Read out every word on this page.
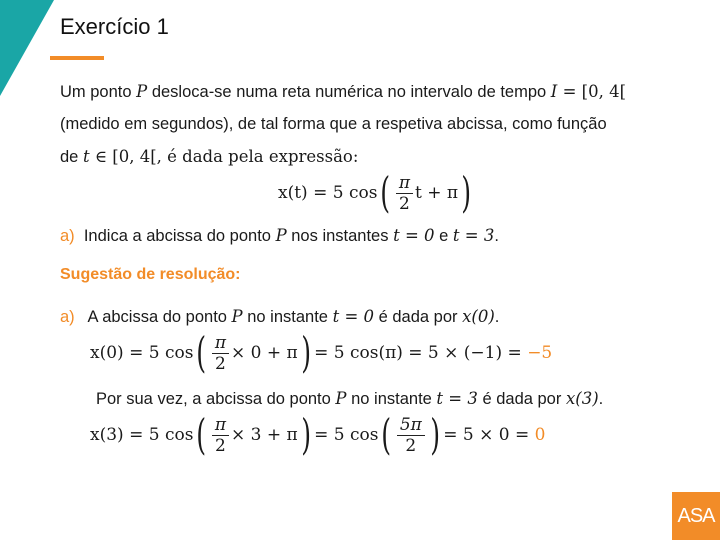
Exercício 1
Um ponto P desloca-se numa reta numérica no intervalo de tempo I = [0, 4[
(medido em segundos), de tal forma que a respetiva abcissa, como função
de t ∈ [0, 4[, é dada pela expressão:
x(t) = 5 $\cos( \frac{\pi}{2}$ t + π)
a) Indica a abcissa do ponto P nos instantes t = 0 e t = 3.
Sugestão de resolução:
a) A abcissa do ponto P no instante t = 0 é dada por x(0).
x(0) = 5 $\cos( \frac{\pi}{2} \times 0 + \pi) = 5$ cos(π) = 5 × (−1) = −5
Por sua vez, a abcissa do ponto P no instante t = 3 é dada por x(3).
x(3) = 5 $\cos( \frac{\pi}{2} \times 3 + \pi) = 5$ $\cos( \frac{5\pi}{2}$ ) = 5 × 0 = 0
ASA
